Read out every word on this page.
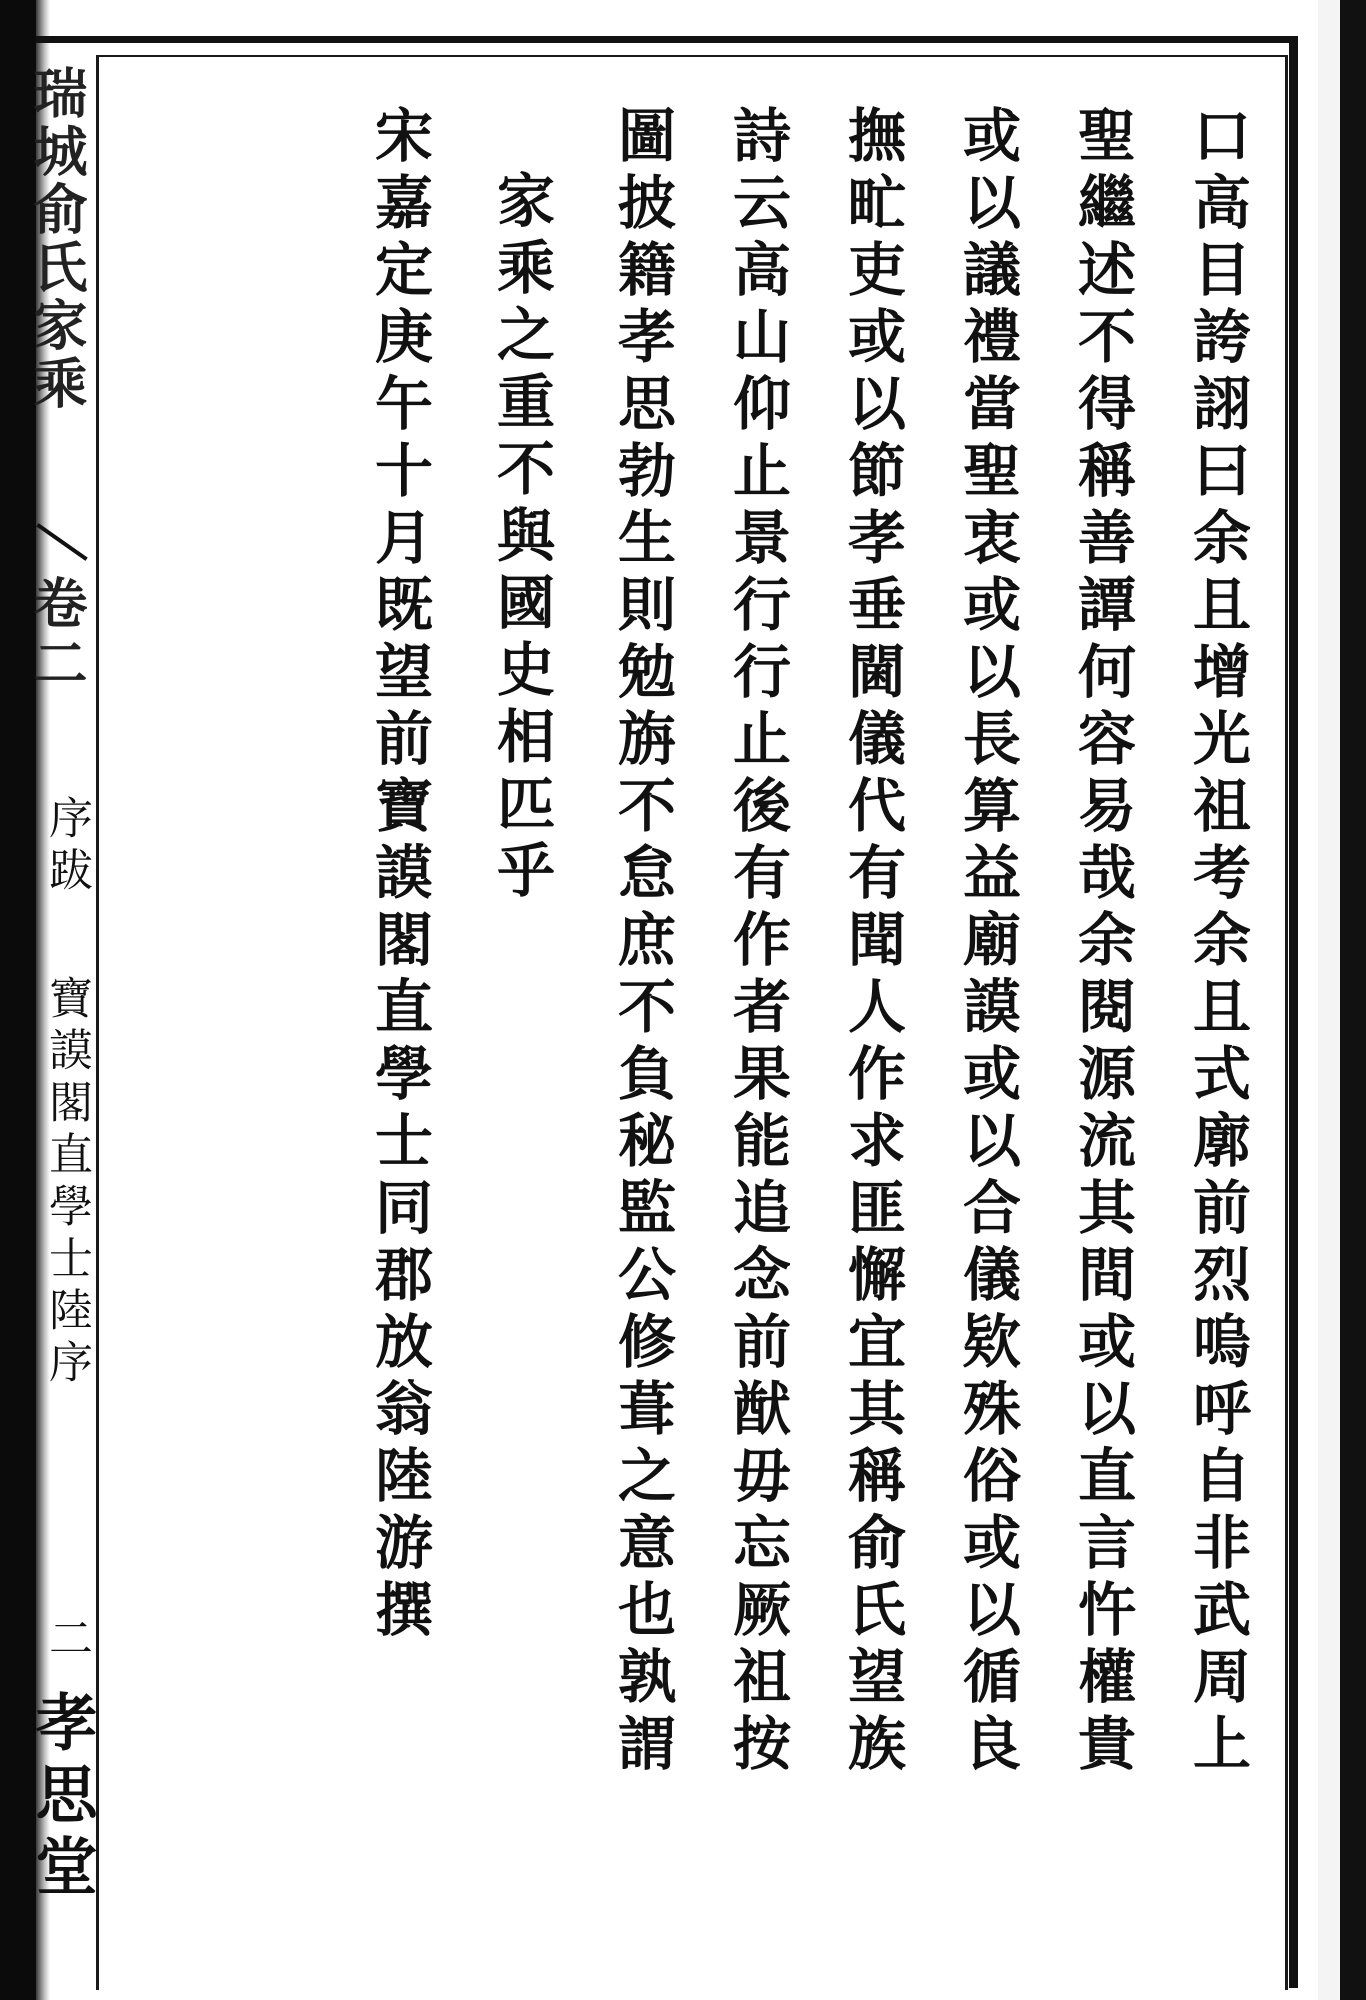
瑞城俞氏家乘
卷二
序跋
寶謨閣直學士陸序
二
孝思堂
口高目誇詡曰余且增光祖考余且式廓前烈嗚呼自非武周上
聖繼述不得稱善譚何容易哉余閱源流其間或以直言忤權貴
或以議禮當聖衷或以長算益廟謨或以合儀欵殊俗或以循良
撫甿吏或以節孝垂閫儀代有聞人作求匪懈宜其稱俞氏望族
詩云高山仰止景行行止後有作者果能追念前猷毋忘厥祖按
圖披籍孝思勃生則勉旃不怠庶不負秘監公修葺之意也孰謂
家乘之重不與國史相匹乎
宋嘉定庚午十月既望前寶謨閣直學士同郡放翁陸游撰
